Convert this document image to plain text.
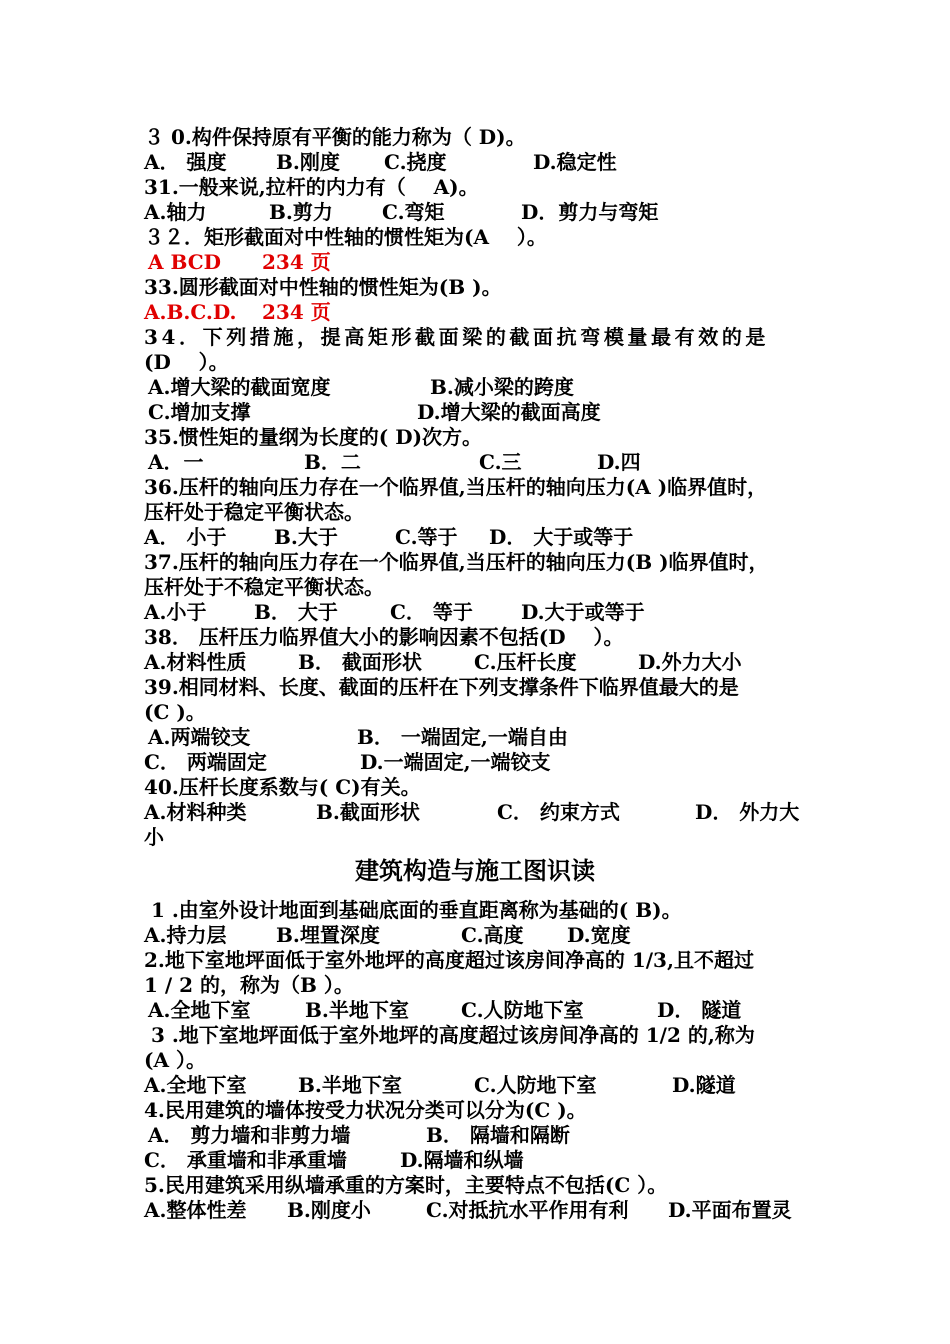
３ 0.构件保持原有平衡的能力称为（ D)。

A． 强度

B.刚度

C.挠度

	D.稳定性

31.一般来说,拉杆的内力有（    A)。

A.轴力

	B.剪力

C.弯矩

	D．剪力与弯矩

３２．矩形截面对中性轴的惯性矩为(A    ）。

A BCD

234 页

33.圆形截面对中性轴的惯性矩为(B )。

A.B.C.D.

234 页

34．下列措施，提高矩形截面梁的截面抗弯模量最有效的是
(D    ）。

A.增大梁的截面宽度

	B.减小梁的跨度

C.增加支撑

	D.增大梁的截面高度

35.惯性矩的量纲为长度的( D)次方。

A．一

	B．二

	C.三

	D.四

36.压杆的轴向压力存在一个临界值,当压杆的轴向压力(A )临界值时，
压杆处于稳定平衡状态。

A． 小于

B.大于

	C.等于

D． 大于或等于

37.压杆的轴向压力存在一个临界值,当压杆的轴向压力(B )临界值时，
压杆处于不稳定平衡状态。

A.小于

B． 大于

	C． 等于

D.大于或等于

38． 压杆压力临界值大小的影响因素不包括(D    ）。

A.材料性质

	B． 截面形状

	C.压杆长度

	D.外力大小

39.相同材料、长度、截面的压杆在下列支撑条件下临界值最大的是
(C )。

A.两端铰支

	B． 一端固定,一端自由

C． 两端固定

	D.一端固定,一端铰支

40.压杆长度系数与( C)有关。

A.材料种类

	B.截面形状

	C． 约束方式

	D． 外力大

小
建筑构造与施工图识读
1 .由室外设计地面到基础底面的垂直距离称为基础的( B)。

A.持力层

B.埋置深度

	C.高度

D.宽度

2.地下室地坪面低于室外地坪的高度超过该房间净高的 1/3,且不超过
1 / 2 的，称为（B ）。

A.全地下室

	B.半地下室

	C.人防地下室

	D． 隧道

3 .地下室地坪面低于室外地坪的高度超过该房间净高的 1/2 的,称为
(A ）。

A.全地下室

	B.半地下室

	C.人防地下室

	D.隧道

4.民用建筑的墙体按受力状况分类可以分为(C )。

A． 剪力墙和非剪力墙

	B． 隔墙和隔断

C． 承重墙和非承重墙

	D.隔墙和纵墙

5.民用建筑采用纵墙承重的方案时，主要特点不包括(C ）。

A.整体性差

B.刚度小

	C.对抵抗水平作用有利

D.平面布置灵
